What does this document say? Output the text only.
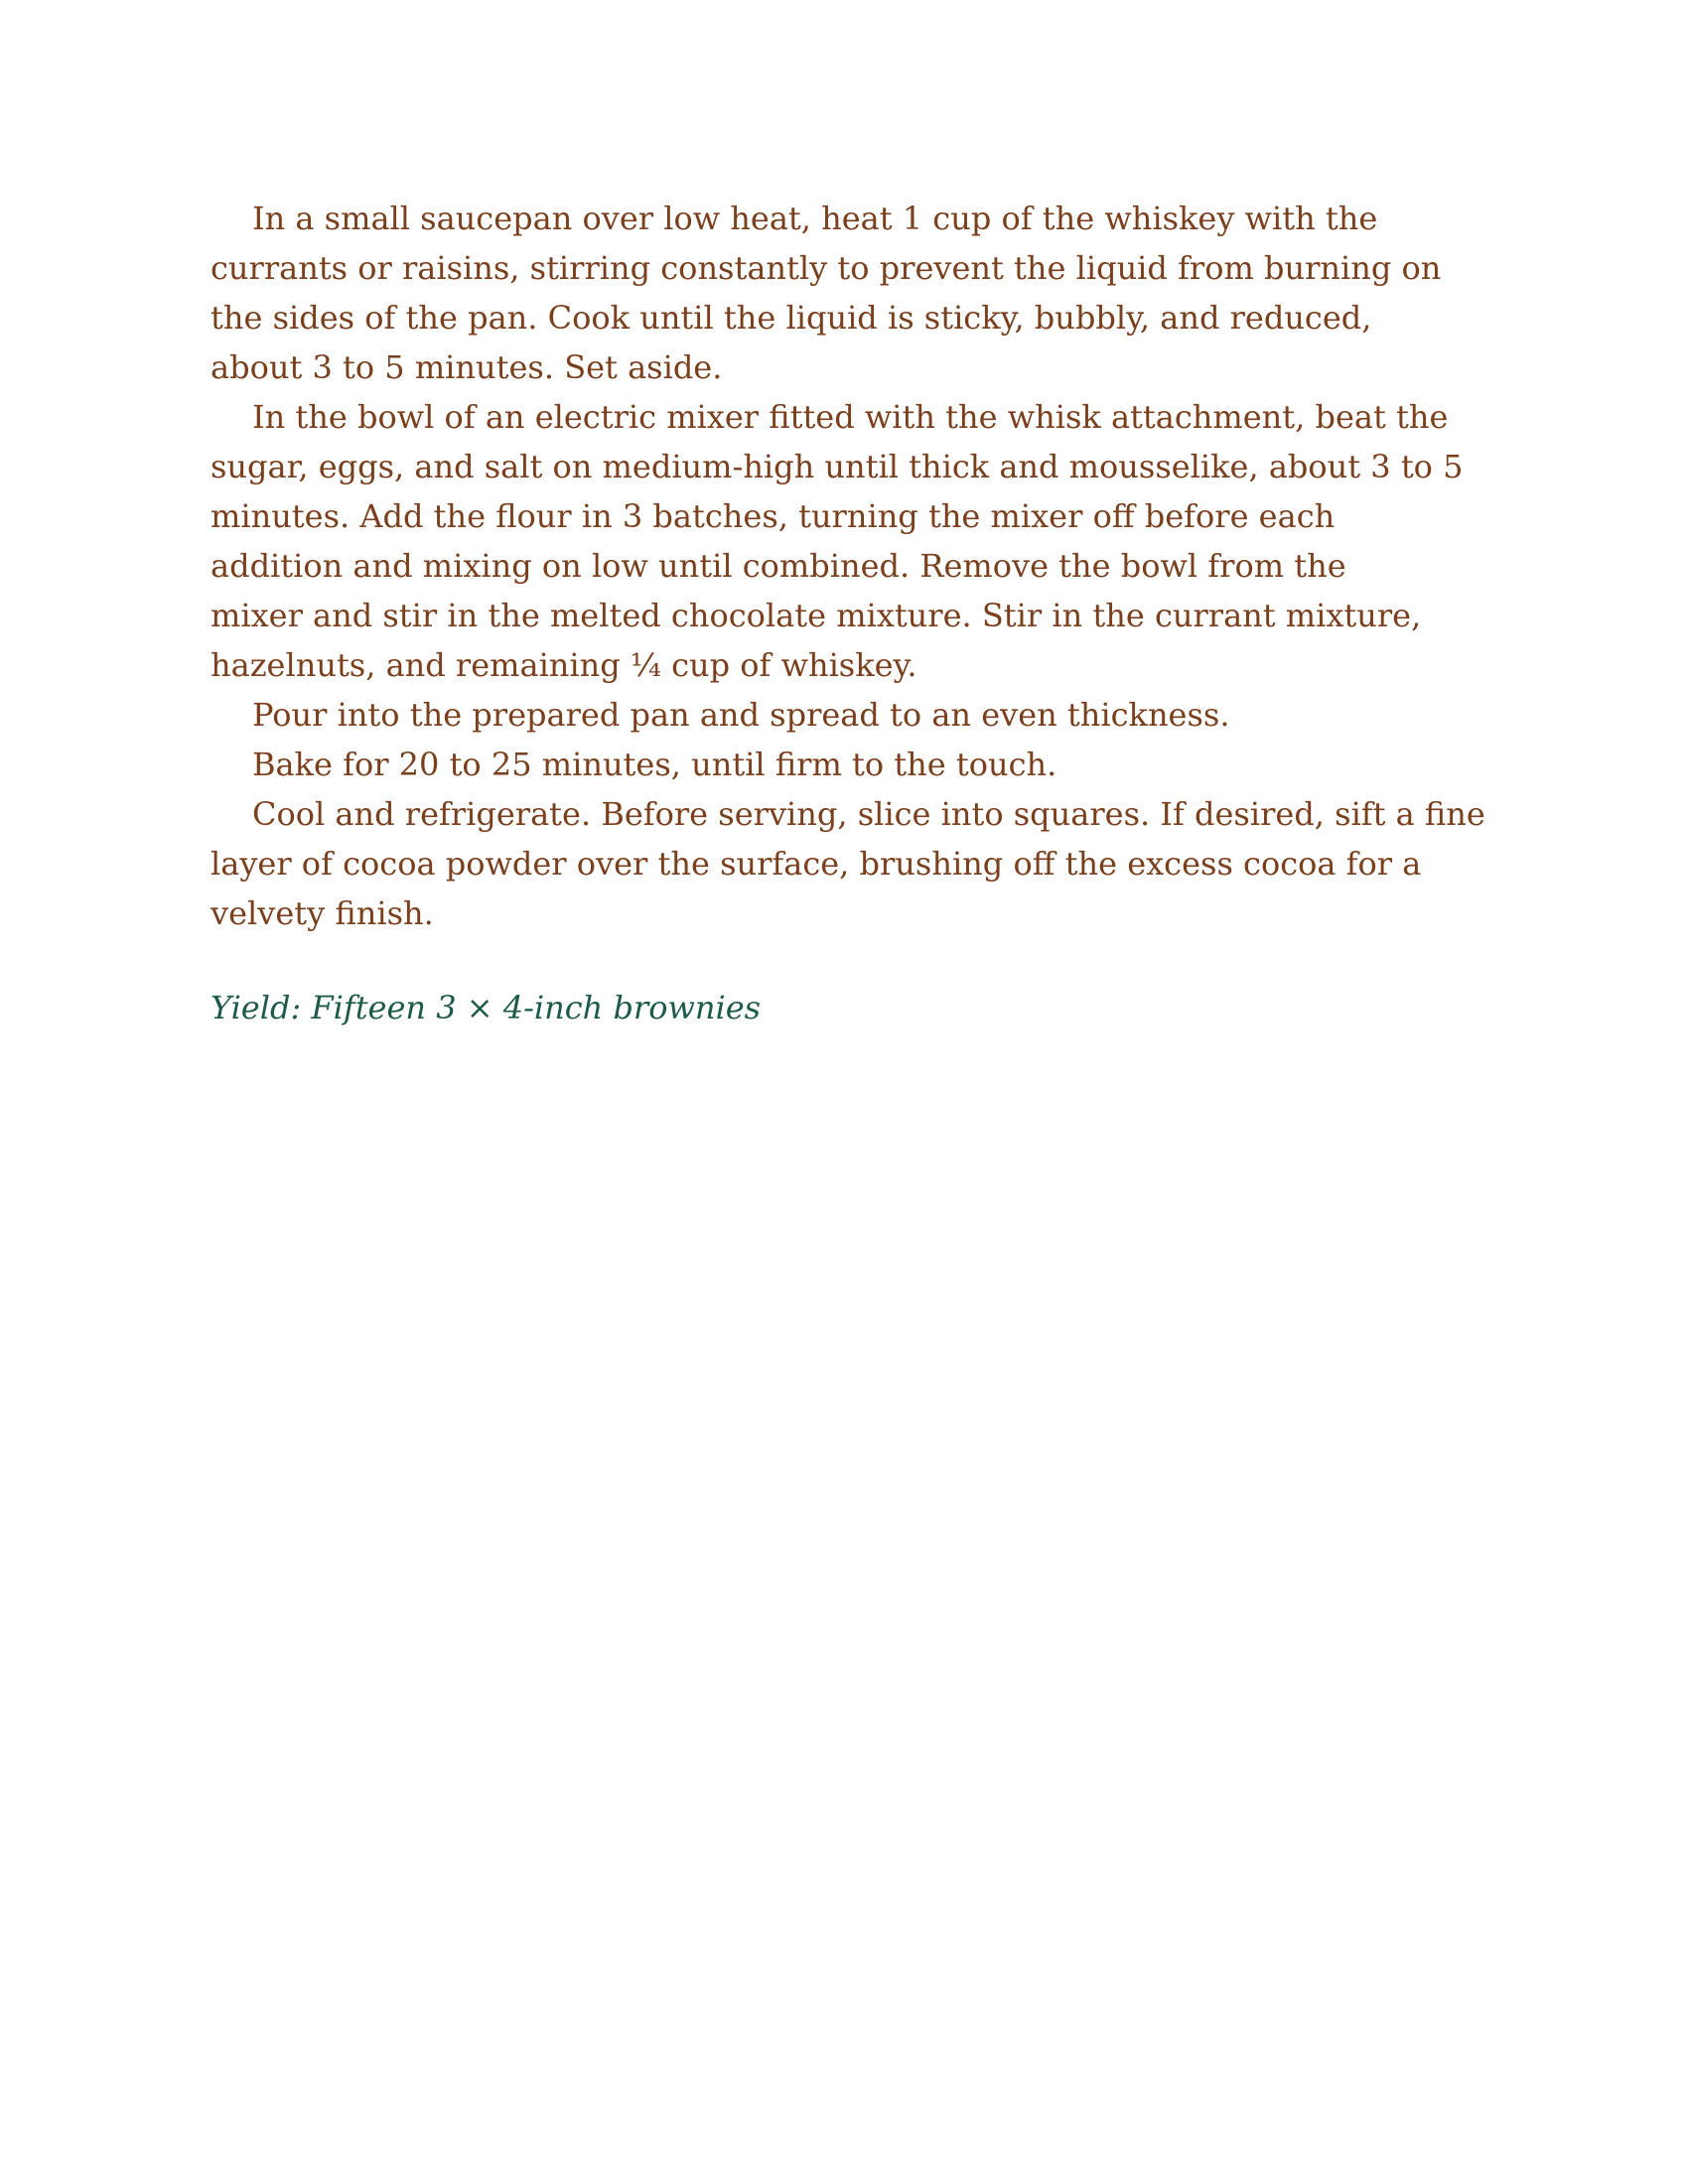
In a small saucepan over low heat, heat 1 cup of the whiskey with the
currants or raisins, stirring constantly to prevent the liquid from burning on
the sides of the pan. Cook until the liquid is sticky, bubbly, and reduced,
about 3 to 5 minutes. Set aside.
In the bowl of an electric mixer fitted with the whisk attachment, beat the
sugar, eggs, and salt on medium-high until thick and mousselike, about 3 to 5
minutes. Add the flour in 3 batches, turning the mixer off before each
addition and mixing on low until combined. Remove the bowl from the
mixer and stir in the melted chocolate mixture. Stir in the currant mixture,
hazelnuts, and remaining ¼ cup of whiskey.
Pour into the prepared pan and spread to an even thickness.
Bake for 20 to 25 minutes, until firm to the touch.
Cool and refrigerate. Before serving, slice into squares. If desired, sift a fine
layer of cocoa powder over the surface, brushing off the excess cocoa for a
velvety finish.
Yield: Fifteen 3 × 4-inch brownies
